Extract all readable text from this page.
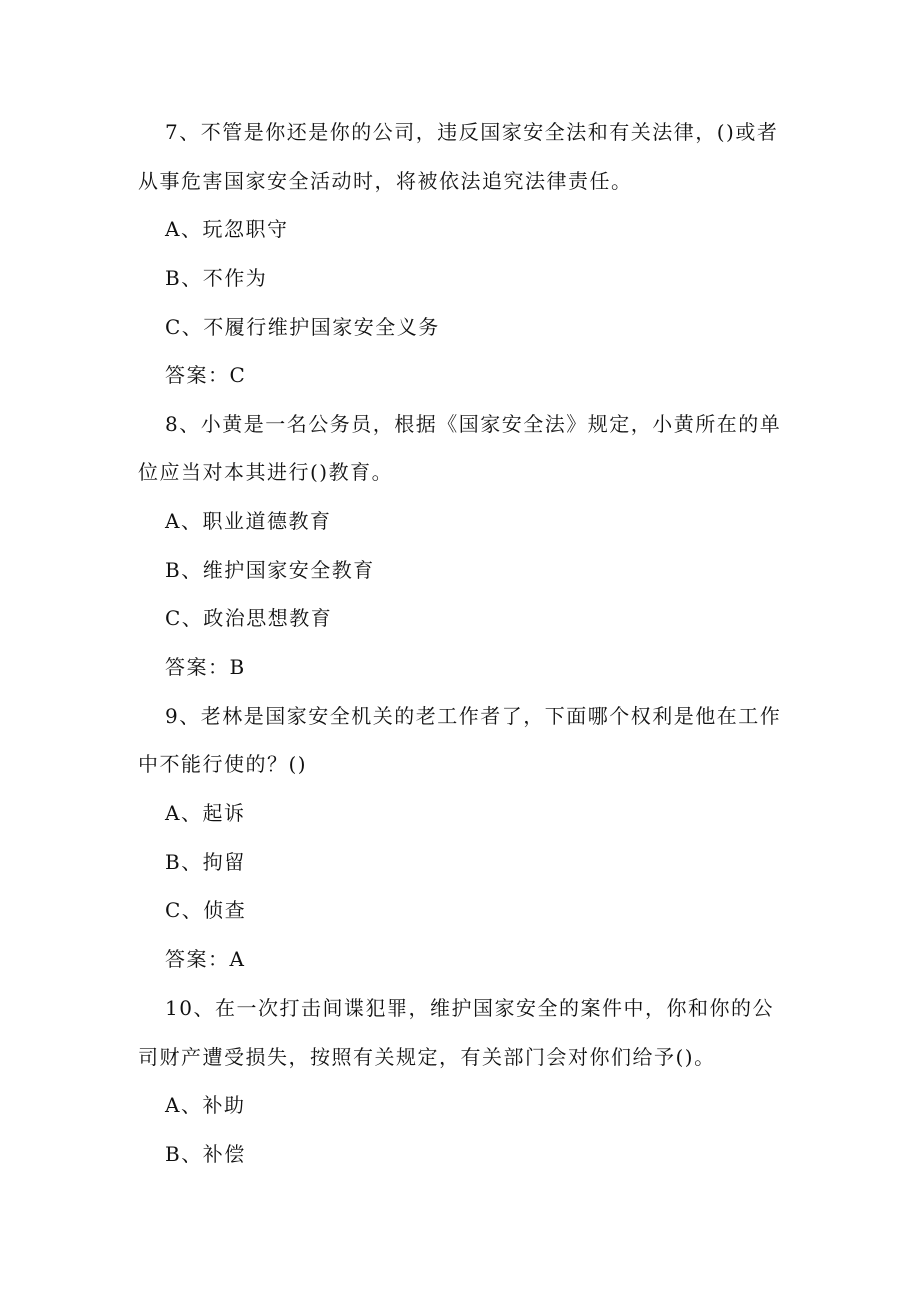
7、不管是你还是你的公司，违反国家安全法和有关法律，()或者
从事危害国家安全活动时，将被依法追究法律责任。
A、玩忽职守
B、不作为
C、不履行维护国家安全义务
答案：C
8、小黄是一名公务员，根据《国家安全法》规定，小黄所在的单
位应当对本其进行()教育。
A、职业道德教育
B、维护国家安全教育
C、政治思想教育
答案：B
9、老林是国家安全机关的老工作者了，下面哪个权利是他在工作
中不能行使的？()
A、起诉
B、拘留
C、侦查
答案：A
10、在一次打击间谍犯罪，维护国家安全的案件中，你和你的公
司财产遭受损失，按照有关规定，有关部门会对你们给予()。
A、补助
B、补偿
